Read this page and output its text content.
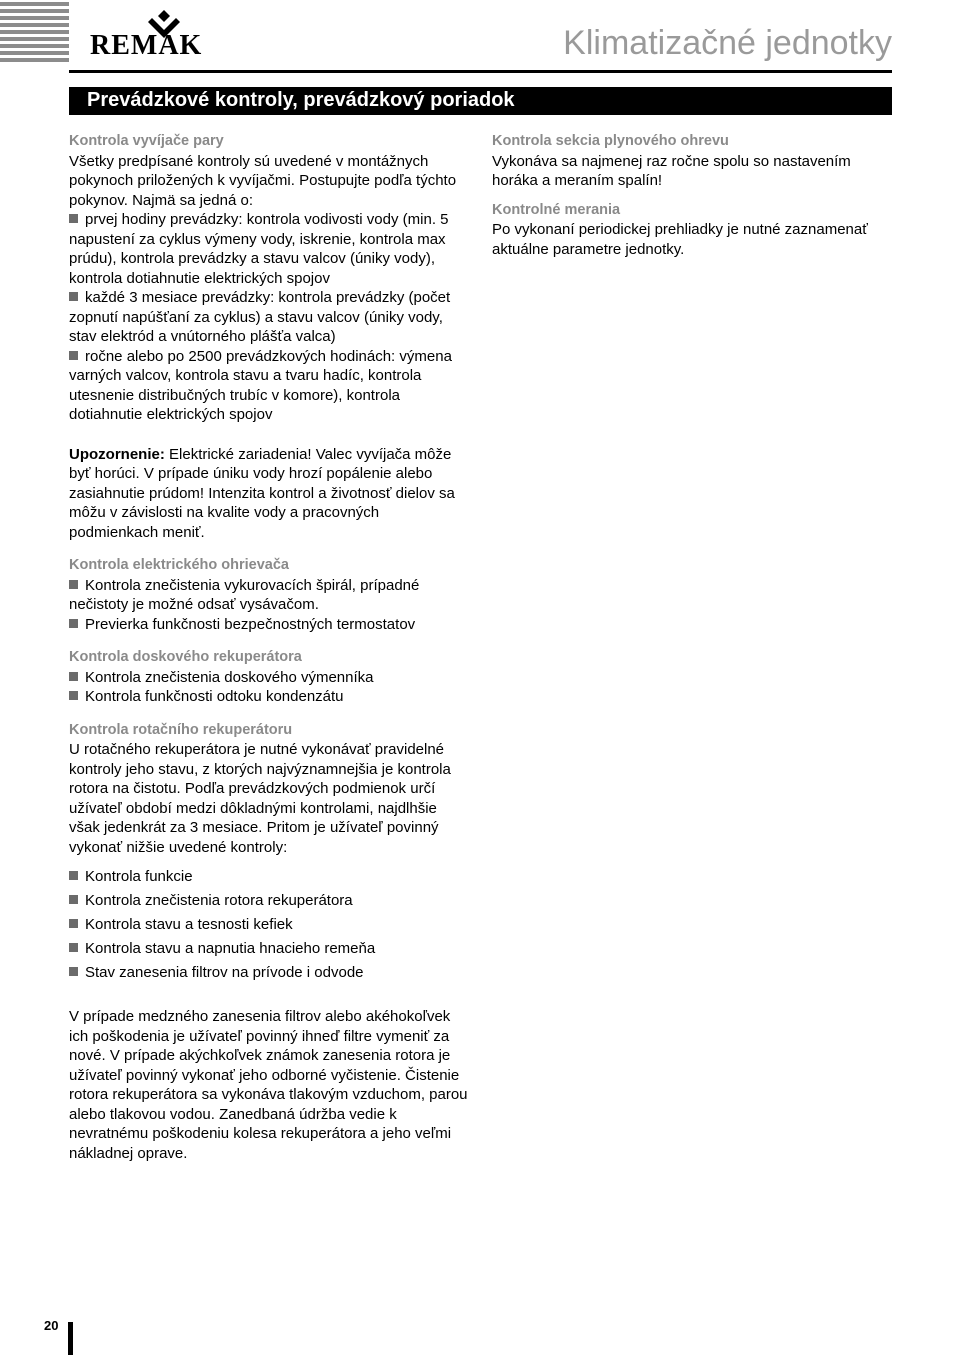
REMAK	Klimatizačné jednotky
Prevádzkové kontroly, prevádzkový poriadok

Kontrola vyvíjače pary

Všetky predpísané kontroly sú uvedené v montážnych pokynoch priložených k vyvíjačmi. Postupujte podľa týchto pokynov. Najmä sa jedná o:

prvej hodiny prevádzky: kontrola vodivosti vody (min. 5 napustení za cyklus výmeny vody, iskrenie, kontrola max prúdu), kontrola prevádzky a stavu valcov (úniky vody), kontrola dotiahnutie elektrických spojov

každé 3 mesiace prevádzky: kontrola prevádzky (počet zopnutí napúšťaní za cyklus) a stavu valcov (úniky vody, stav elektród a vnútorného plášťa valca)

ročne alebo po 2500 prevádzkových hodinách: výmena varných valcov, kontrola stavu a tvaru hadíc, kontrola utesnenie distribučných trubíc v komore), kontrola dotiahnutie elektrických spojov

Upozornenie: Elektrické zariadenia! Valec vyvíjača môže byť horúci. V prípade úniku vody hrozí popálenie alebo zasiahnutie prúdom! Intenzita kontrol a životnosť dielov sa môžu v závislosti na kvalite vody a pracovných podmienkach meniť.

Kontrola elektrického ohrievača

Kontrola znečistenia vykurovacích špirál, prípadné nečistoty je možné odsať vysávačom.

Previerka funkčnosti bezpečnostných termostatov

Kontrola doskového rekuperátora

Kontrola znečistenia doskového výmenníka

Kontrola funkčnosti odtoku kondenzátu

Kontrola rotačního rekuperátoru

U rotačného rekuperátora je nutné vykonávať pravidelné kontroly jeho stavu, z ktorých najvýznamnejšia je kontrola rotora na čistotu. Podľa prevádzkových podmienok určí užívateľ období medzi dôkladnými kontrolami, najdlhšie však jedenkrát za 3 mesiace. Pritom je užívateľ povinný vykonať nižšie uvedené kontroly:

Kontrola funkcie

Kontrola znečistenia rotora rekuperátora

Kontrola stavu a tesnosti kefiek

Kontrola stavu a napnutia hnacieho remeňa

Stav zanesenia filtrov na prívode i odvode

V prípade medzného zanesenia filtrov alebo akéhokoľvek ich poškodenia je užívateľ povinný ihneď filtre vymeniť za nové. V prípade akýchkoľvek známok zanesenia rotora je užívateľ povinný vykonať jeho odborné vyčistenie. Čistenie rotora rekuperátora sa vykonáva tlakovým vzduchom, parou alebo tlakovou vodou. Zanedbaná údržba vedie k nevratnému poškodeniu kolesa rekuperátora a jeho veľmi nákladnej oprave.

Kontrola sekcia plynového ohrevu

Vykonáva sa najmenej raz ročne spolu so nastavením horáka a meraním spalín!

Kontrolné merania

Po vykonaní periodickej prehliadky je nutné zaznamenať aktuálne parametre jednotky.

20
